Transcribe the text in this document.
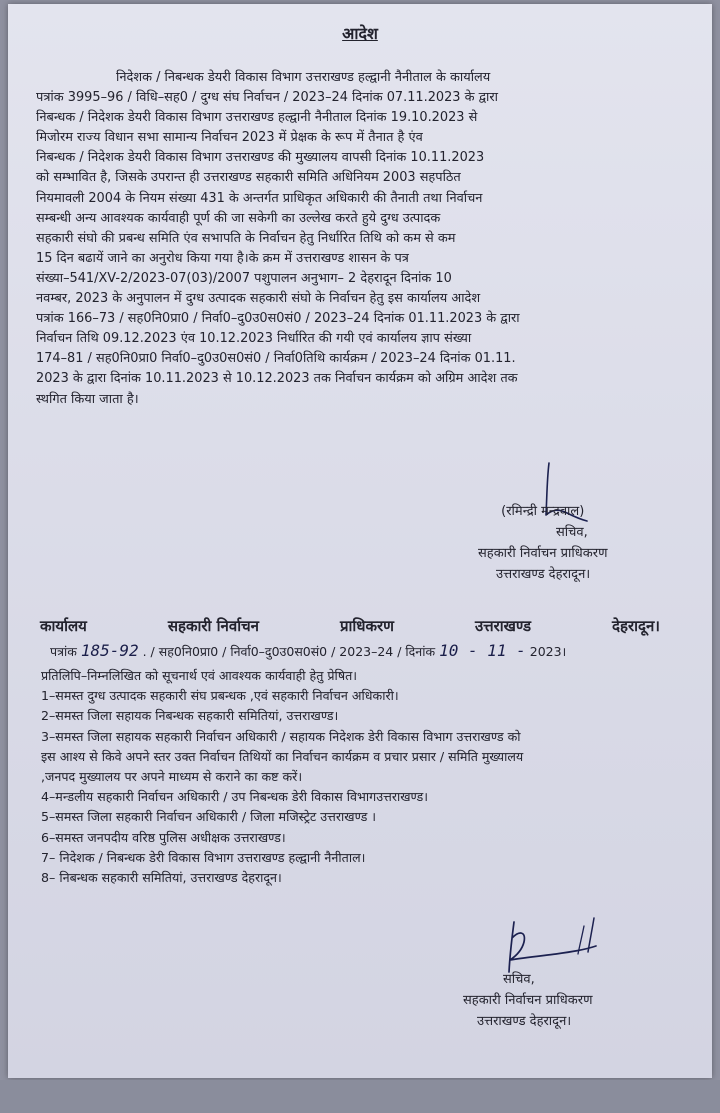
आदेश
निदेशक / निबन्धक डेयरी विकास विभाग उत्तराखण्ड हल्द्वानी नैनीताल के कार्यालय
पत्रांक 3995–96 / विधि–सह0 / दुग्ध संघ निर्वाचन / 2023–24 दिनांक 07.11.2023 के द्वारा
निबन्धक / निदेशक डेयरी विकास विभाग उत्तराखण्ड हल्द्वानी नैनीताल दिनांक 19.10.2023 से
मिजोरम राज्य विधान सभा सामान्य निर्वाचन 2023 में प्रेक्षक के रूप में तैनात है एंव
निबन्धक / निदेशक डेयरी विकास विभाग उत्तराखण्ड की मुख्यालय वापसी दिनांक 10.11.2023
को सम्भावित है, जिसके उपरान्त ही उत्तराखण्ड सहकारी समिति अधिनियम 2003 सहपठित
नियमावली 2004 के नियम संख्या 431 के अन्तर्गत प्राधिकृत अधिकारी की तैनाती तथा निर्वाचन
सम्बन्धी अन्य आवश्यक कार्यवाही पूर्ण की जा सकेगी का उल्लेख करते हुये दुग्ध उत्पादक
सहकारी संघो की प्रबन्ध समिति एंव सभापति के निर्वाचन हेतु निर्धारित तिथि को कम से कम
15 दिन बढायें जाने का अनुरोध किया गया है।के क्रम में उत्तराखण्ड शासन के पत्र
संख्या–541/XV-2/2023-07(03)/2007 पशुपालन अनुभाग– 2 देहरादून दिनांक 10
नवम्बर, 2023 के अनुपालन में दुग्ध उत्पादक सहकारी संघो के निर्वाचन हेतु इस कार्यालय आदेश
पत्रांक 166–73 / सह0नि0प्रा0 / निर्वा0–दु0उ0स0सं0 / 2023–24 दिनांक 01.11.2023 के द्वारा
निर्वाचन तिथि 09.12.2023 एंव 10.12.2023 निर्धारित की गयी एवं कार्यालय ज्ञाप संख्या
174–81 / सह0नि0प्रा0 निर्वा0–दु0उ0स0सं0 / निर्वा0तिथि कार्यक्रम / 2023–24 दिनांक 01.11.
2023 के द्वारा दिनांक 10.11.2023 से 10.12.2023 तक निर्वाचन कार्यक्रम को अग्रिम आदेश तक
स्थगित किया जाता है।
(रमिन्द्री मन्द्रवाल)
सचिव,
सहकारी निर्वाचन प्राधिकरण
उत्तराखण्ड देहरादून।
कार्यालय	सहकारी निर्वाचन	प्राधिकरण	उत्तराखण्ड	देहरादून।
पत्रांक 185-92 . / सह0नि0प्रा0 / निर्वा0–दु0उ0स0सं0 / 2023–24 / दिनांक 10 - 11 - 2023।
प्रतिलिपि–निम्नलिखित को सूचनार्थ एवं आवश्यक कार्यवाही हेतु प्रेषित।
1–समस्त दुग्ध उत्पादक सहकारी संघ प्रबन्धक ,एवं सहकारी निर्वाचन अधिकारी।
2–समस्त जिला सहायक निबन्धक सहकारी समितियां, उत्तराखण्ड।
3–समस्त जिला सहायक सहकारी निर्वाचन अधिकारी / सहायक निदेशक डेरी विकास विभाग उत्तराखण्ड को
इस आश्य से किवे अपने स्तर उक्त निर्वाचन तिथियों का निर्वाचन कार्यक्रम व प्रचार प्रसार / समिति मुख्यालय
,जनपद मुख्यालय पर अपने माध्यम से कराने का कष्ट करें।
4–मन्डलीय सहकारी निर्वाचन अधिकारी / उप निबन्धक डेरी विकास विभागउत्तराखण्ड।
5–समस्त जिला सहकारी निर्वाचन अधिकारी / जिला मजिस्ट्रेट उत्तराखण्ड ।
6–समस्त जनपदीय वरिष्ठ पुलिस अधीक्षक उत्तराखण्ड।
7– निदेशक / निबन्धक डेरी विकास विभाग उत्तराखण्ड हल्द्वानी नैनीताल।
8– निबन्धक सहकारी समितियां, उत्तराखण्ड देहरादून।
सचिव,
सहकारी निर्वाचन प्राधिकरण
उत्तराखण्ड देहरादून।
